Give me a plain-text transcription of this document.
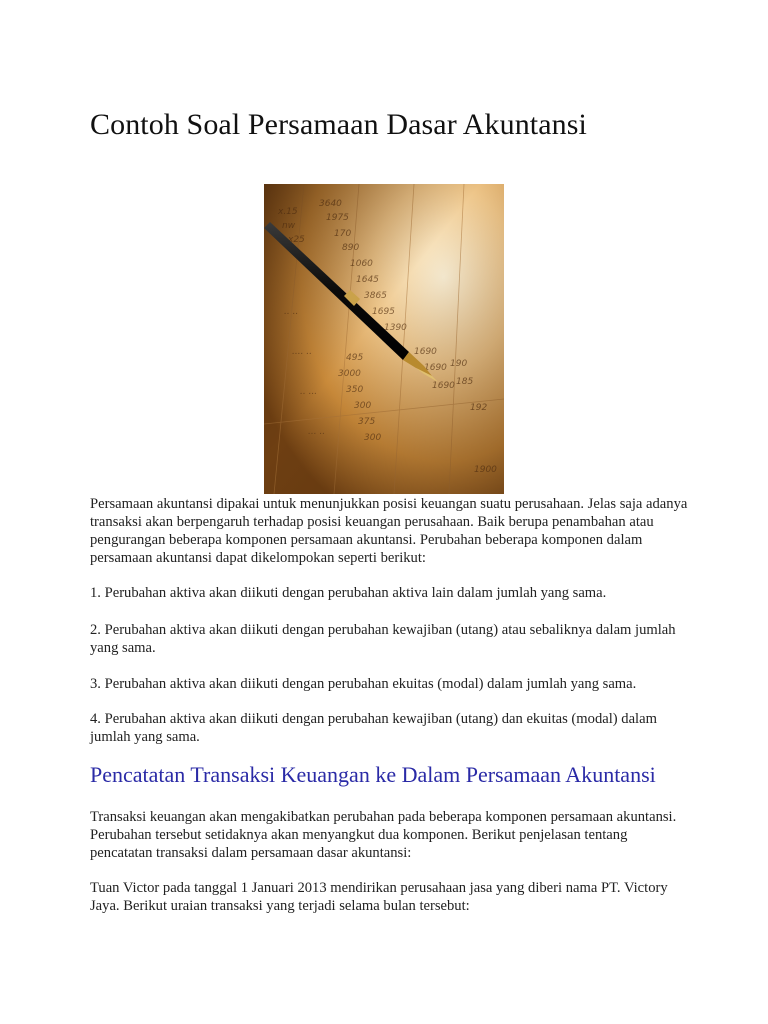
Contoh Soal Persamaan Dasar Akuntansi

Persamaan akuntansi dipakai untuk menunjukkan posisi keuangan suatu perusahaan. Jelas saja adanya transaksi akan berpengaruh terhadap posisi keuangan perusahaan. Baik berupa penambahan atau pengurangan beberapa komponen persamaan akuntansi. Perubahan beberapa komponen dalam persamaan akuntansi dapat dikelompokan seperti berikut:

1. Perubahan aktiva akan diikuti dengan perubahan aktiva lain dalam jumlah yang sama.

2. Perubahan aktiva akan diikuti dengan perubahan kewajiban (utang) atau sebaliknya dalam jumlah yang sama.

3. Perubahan aktiva akan diikuti dengan perubahan ekuitas (modal) dalam jumlah yang sama.

4. Perubahan aktiva akan diikuti dengan perubahan kewajiban (utang) dan ekuitas (modal) dalam jumlah yang sama.

Pencatatan Transaksi Keuangan ke Dalam Persamaan Akuntansi

Transaksi keuangan akan mengakibatkan perubahan pada beberapa komponen persamaan akuntansi. Perubahan tersebut setidaknya akan menyangkut dua komponen. Berikut penjelasan tentang pencatatan transaksi dalam persamaan dasar akuntansi:

Tuan Victor pada tanggal 1 Januari 2013 mendirikan perusahaan jasa yang diberi nama PT. Victory Jaya. Berikut uraian transaksi yang terjadi selama bulan tersebut:
